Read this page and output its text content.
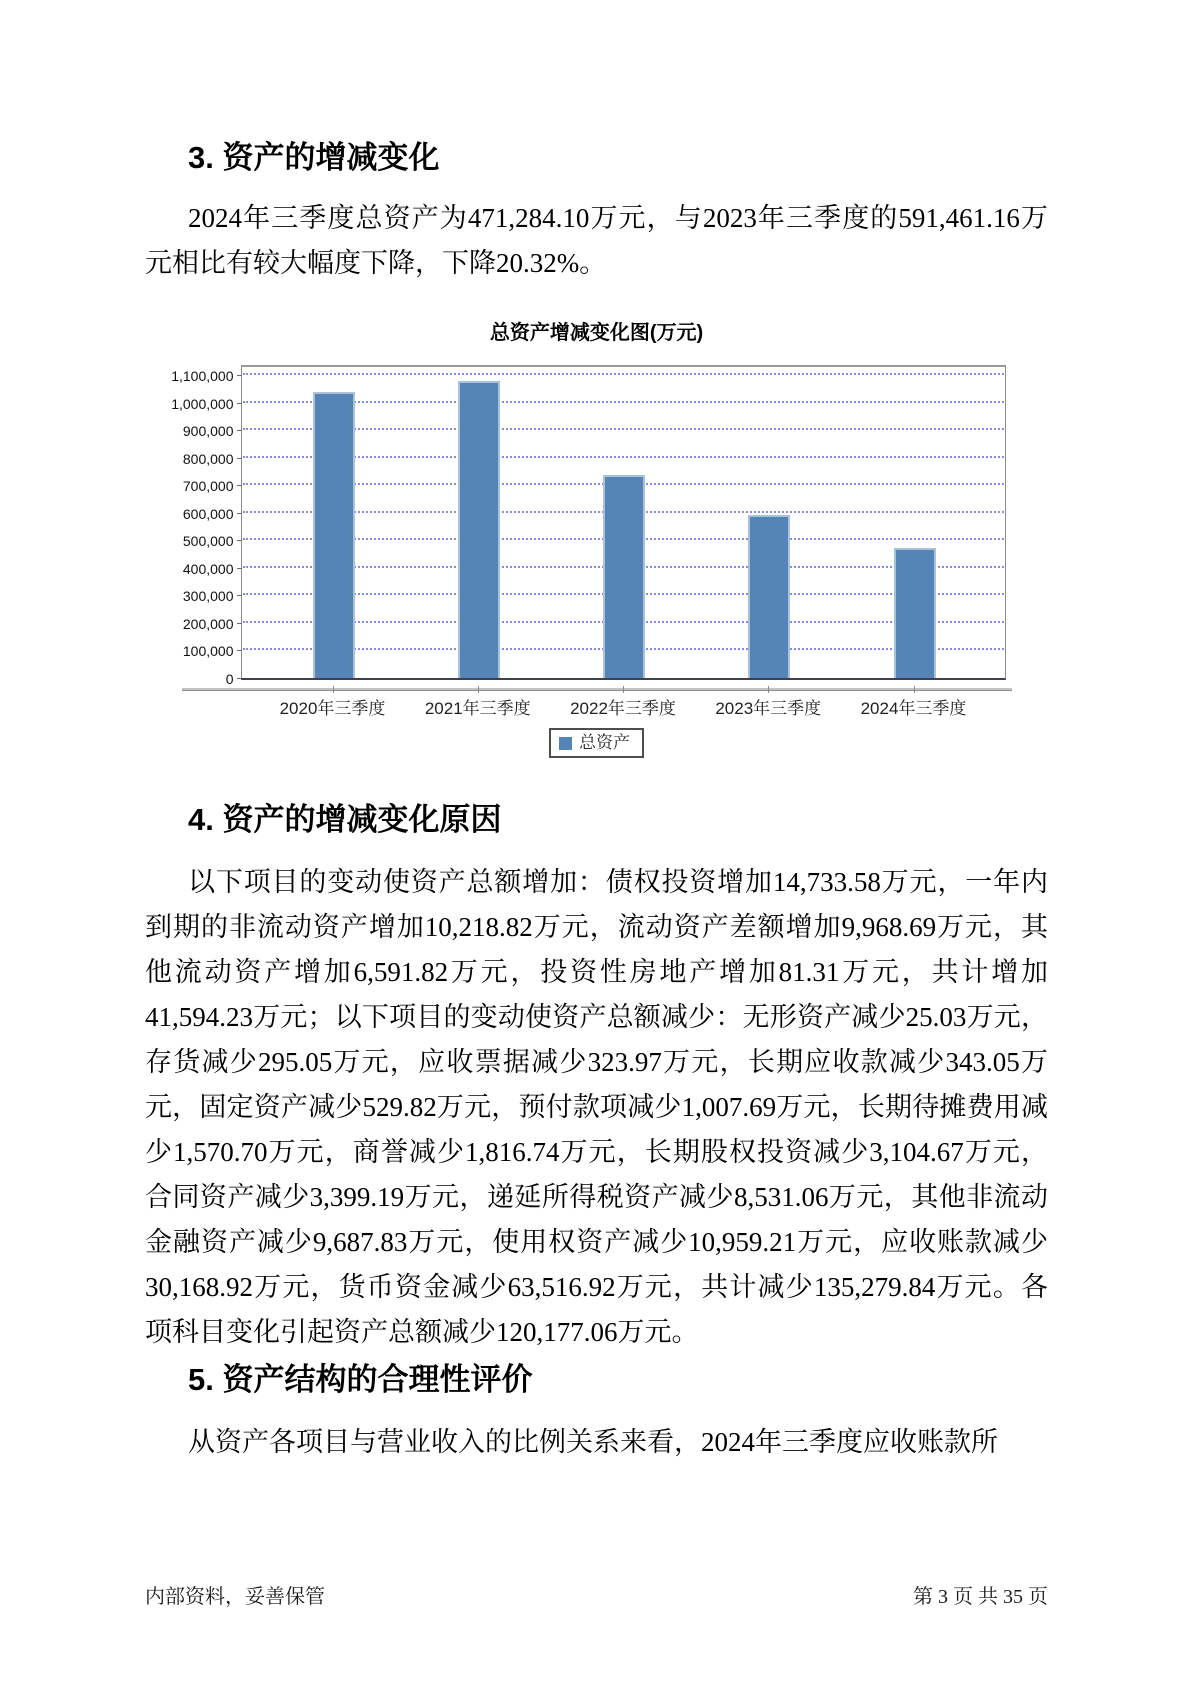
3. 资产的增减变化

2024年三季度总资产为471,284.10万元，与2023年三季度的591,461.16万元相比有较大幅度下降，下降20.32%。

总资产增减变化图(万元)
0
100,000
200,000
300,000
400,000
500,000
600,000
700,000
800,000
900,000
1,000,000
1,100,000
2020年三季度	2021年三季度	2022年三季度	2023年三季度	2024年三季度
总资产
4. 资产的增减变化原因

以下项目的变动使资产总额增加：债权投资增加14,733.58万元，一年内到期的非流动资产增加10,218.82万元，流动资产差额增加9,968.69万元，其他流动资产增加6,591.82万元，投资性房地产增加81.31万元，共计增加41,594.23万元；以下项目的变动使资产总额减少：无形资产减少25.03万元，存货减少295.05万元，应收票据减少323.97万元，长期应收款减少343.05万元，固定资产减少529.82万元，预付款项减少1,007.69万元，长期待摊费用减少1,570.70万元，商誉减少1,816.74万元，长期股权投资减少3,104.67万元，合同资产减少3,399.19万元，递延所得税资产减少8,531.06万元，其他非流动金融资产减少9,687.83万元，使用权资产减少10,959.21万元，应收账款减少30,168.92万元，货币资金减少63,516.92万元，共计减少135,279.84万元。各项科目变化引起资产总额减少120,177.06万元。

5. 资产结构的合理性评价

从资产各项目与营业收入的比例关系来看，2024年三季度应收账款所

内部资料，妥善保管	第 3 页 共 35 页
